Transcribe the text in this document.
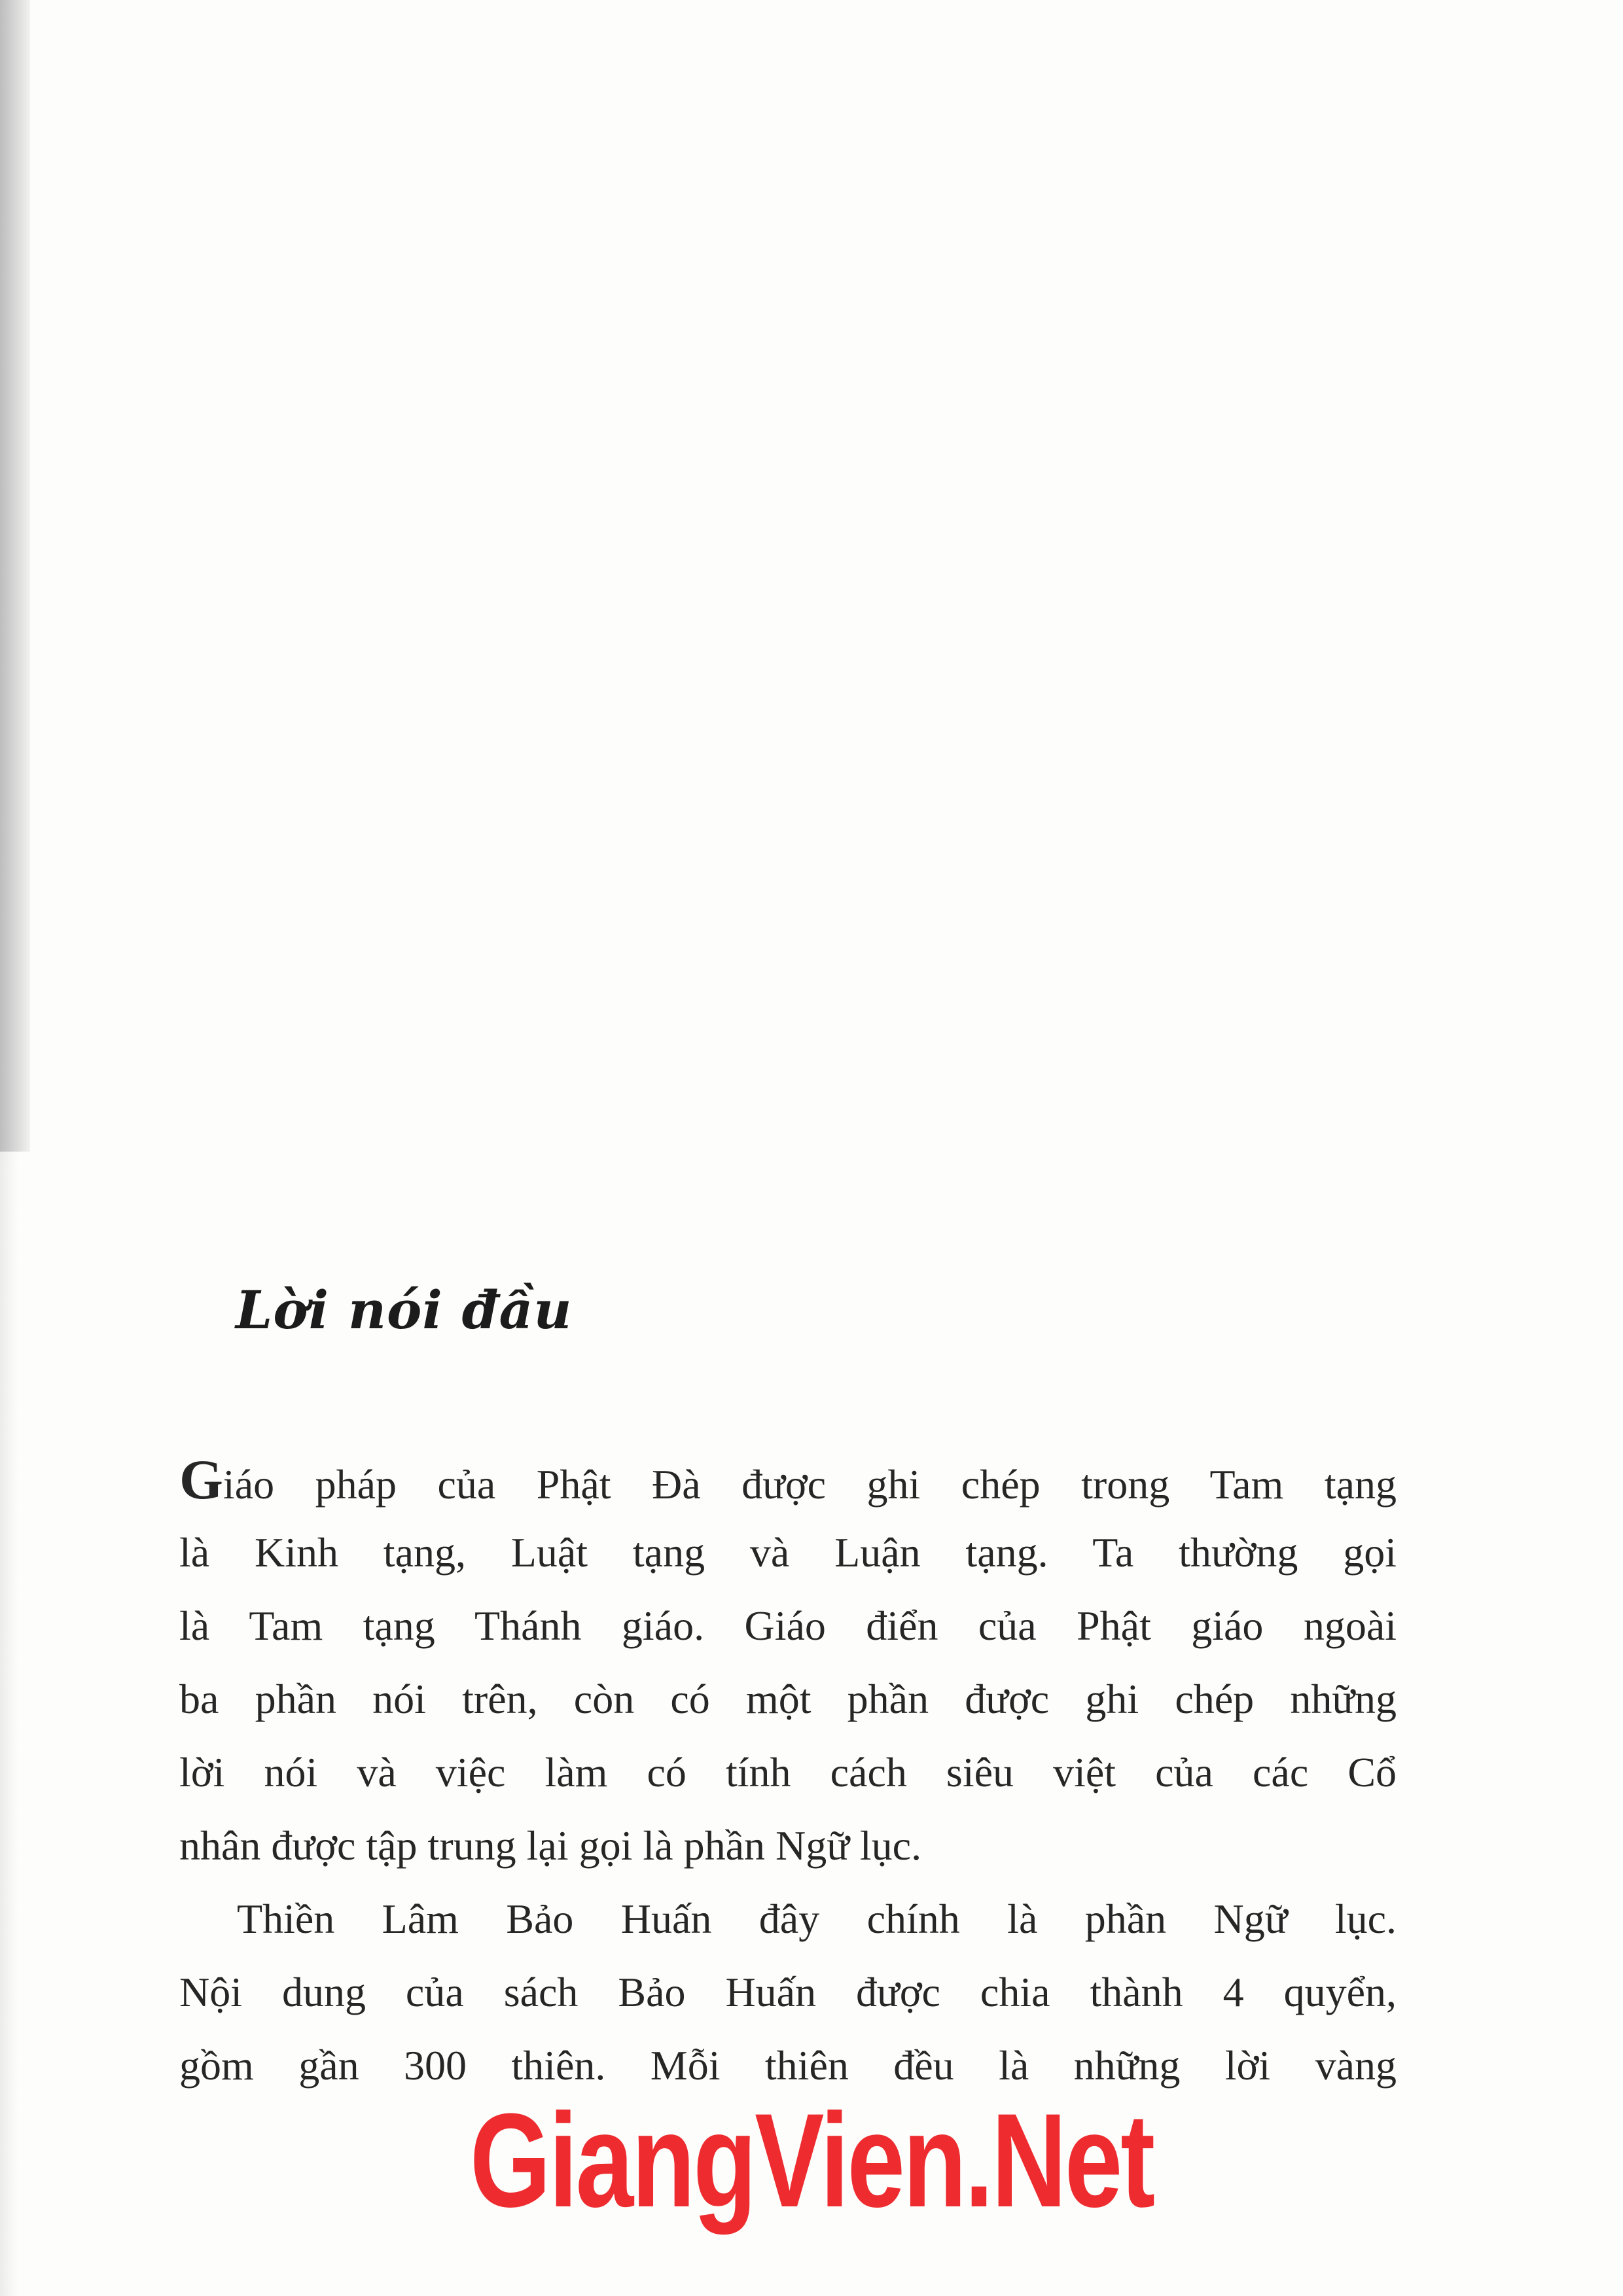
Lời nói đầu
Giáo pháp của Phật Đà được ghi chép trong Tam tạng
là Kinh tạng, Luật tạng và Luận tạng. Ta thường gọi
là Tam tạng Thánh giáo. Giáo điển của Phật giáo ngoài
ba phần nói trên, còn có một phần được ghi chép những
lời nói và việc làm có tính cách siêu việt của các Cổ
nhân được tập trung lại gọi là phần Ngữ lục.
Thiền Lâm Bảo Huấn đây chính là phần Ngữ lục.
Nội dung của sách Bảo Huấn được chia thành 4 quyển,
gồm gần 300 thiên. Mỗi thiên đều là những lời vàng
GiangVien.Net
